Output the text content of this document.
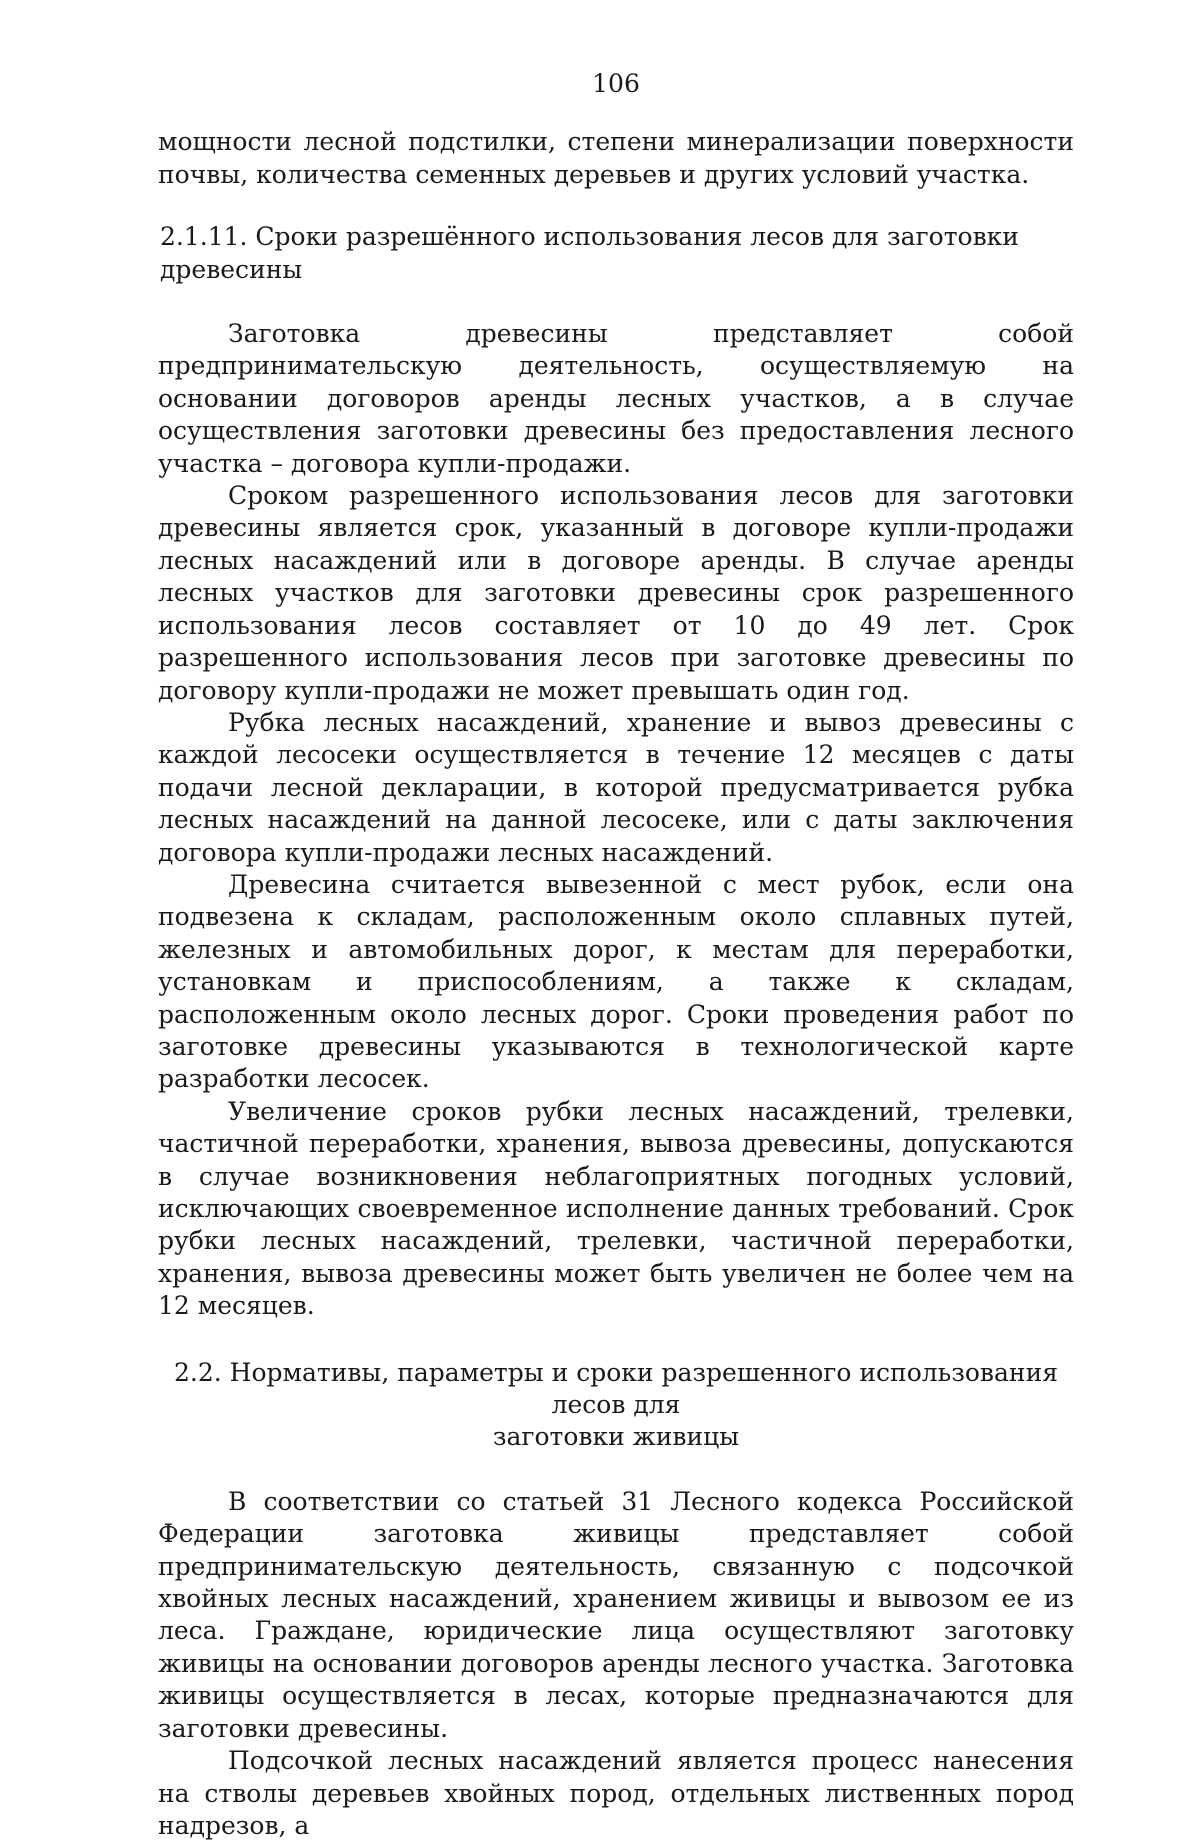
106

мощности лесной подстилки, степени минерализации поверхности почвы, количества семенных деревьев и других условий участка.

2.1.11. Сроки разрешённого использования лесов для заготовки древесины

Заготовка древесины представляет собой предпринимательскую деятельность, осуществляемую на основании договоров аренды лесных участков, а в случае осуществления заготовки древесины без предоставления лесного участка – договора купли-продажи.

Сроком разрешенного использования лесов для заготовки древесины является срок, указанный в договоре купли-продажи лесных насаждений или в договоре аренды. В случае аренды лесных участков для заготовки древесины срок разрешенного использования лесов составляет от 10 до 49 лет. Срок разрешенного использования лесов при заготовке древесины по договору купли-продажи не может превышать один год.

Рубка лесных насаждений, хранение и вывоз древесины с каждой лесосеки осуществляется в течение 12 месяцев с даты подачи лесной декларации, в которой предусматривается рубка лесных насаждений на данной лесосеке, или с даты заключения договора купли-продажи лесных насаждений.

Древесина считается вывезенной с мест рубок, если она подвезена к складам, расположенным около сплавных путей, железных и автомобильных дорог, к местам для переработки, установкам и приспособлениям, а также к складам, расположенным около лесных дорог. Сроки проведения работ по заготовке древесины указываются в технологической карте разработки лесосек.

Увеличение сроков рубки лесных насаждений, трелевки, частичной переработки, хранения, вывоза древесины, допускаются в случае возникновения неблагоприятных погодных условий, исключающих своевременное исполнение данных требований. Срок рубки лесных насаждений, трелевки, частичной переработки, хранения, вывоза древесины может быть увеличен не более чем на 12 месяцев.

2.2. Нормативы, параметры и сроки разрешенного использования лесов для
заготовки живицы

В соответствии со статьей 31 Лесного кодекса Российской Федерации заготовка живицы представляет собой предпринимательскую деятельность, связанную с подсочкой хвойных лесных насаждений, хранением живицы и вывозом ее из леса. Граждане, юридические лица осуществляют заготовку живицы на основании договоров аренды лесного участка. Заготовка живицы осуществляется в лесах, которые предназначаются для заготовки древесины.

Подсочкой лесных насаждений является процесс нанесения на стволы деревьев хвойных пород, отдельных лиственных пород надрезов, а
